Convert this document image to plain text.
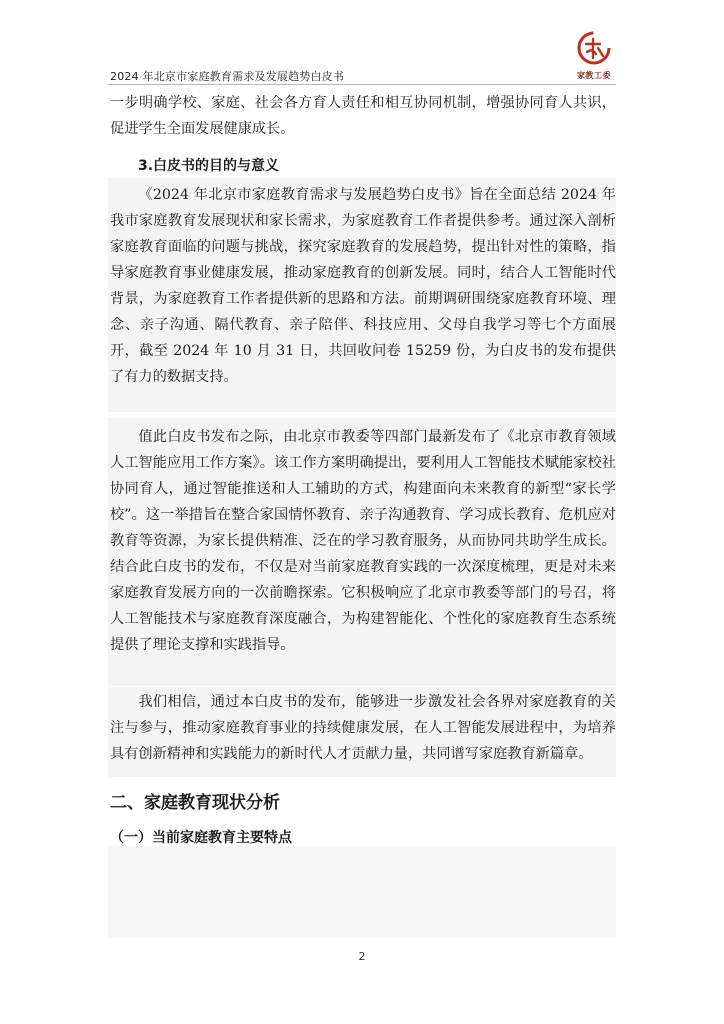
2024 年北京市家庭教育需求及发展趋势白皮书	家教工委

一步明确学校、家庭、社会各方育人责任和相互协同机制，增强协同育人共识，促进学生全面发展健康成长。

3.白皮书的目的与意义

《2024 年北京市家庭教育需求与发展趋势白皮书》旨在全面总结 2024 年我市家庭教育发展现状和家长需求，为家庭教育工作者提供参考。通过深入剖析家庭教育面临的问题与挑战，探究家庭教育的发展趋势，提出针对性的策略，指导家庭教育事业健康发展，推动家庭教育的创新发展。同时，结合人工智能时代背景，为家庭教育工作者提供新的思路和方法。前期调研围绕家庭教育环境、理念、亲子沟通、隔代教育、亲子陪伴、科技应用、父母自我学习等七个方面展开，截至 2024 年 10 月 31 日，共回收问卷 15259 份，为白皮书的发布提供了有力的数据支持。

值此白皮书发布之际，由北京市教委等四部门最新发布了《北京市教育领域人工智能应用工作方案》。该工作方案明确提出，要利用人工智能技术赋能家校社协同育人，通过智能推送和人工辅助的方式，构建面向未来教育的新型“家长学校”。这一举措旨在整合家国情怀教育、亲子沟通教育、学习成长教育、危机应对教育等资源，为家长提供精准、泛在的学习教育服务，从而协同共助学生成长。结合此白皮书的发布，不仅是对当前家庭教育实践的一次深度梳理，更是对未来家庭教育发展方向的一次前瞻探索。它积极响应了北京市教委等部门的号召，将人工智能技术与家庭教育深度融合，为构建智能化、个性化的家庭教育生态系统提供了理论支撑和实践指导。

我们相信，通过本白皮书的发布，能够进一步激发社会各界对家庭教育的关注与参与，推动家庭教育事业的持续健康发展，在人工智能发展进程中，为培养具有创新精神和实践能力的新时代人才贡献力量，共同谱写家庭教育新篇章。

二、家庭教育现状分析
（一）当前家庭教育主要特点
2
